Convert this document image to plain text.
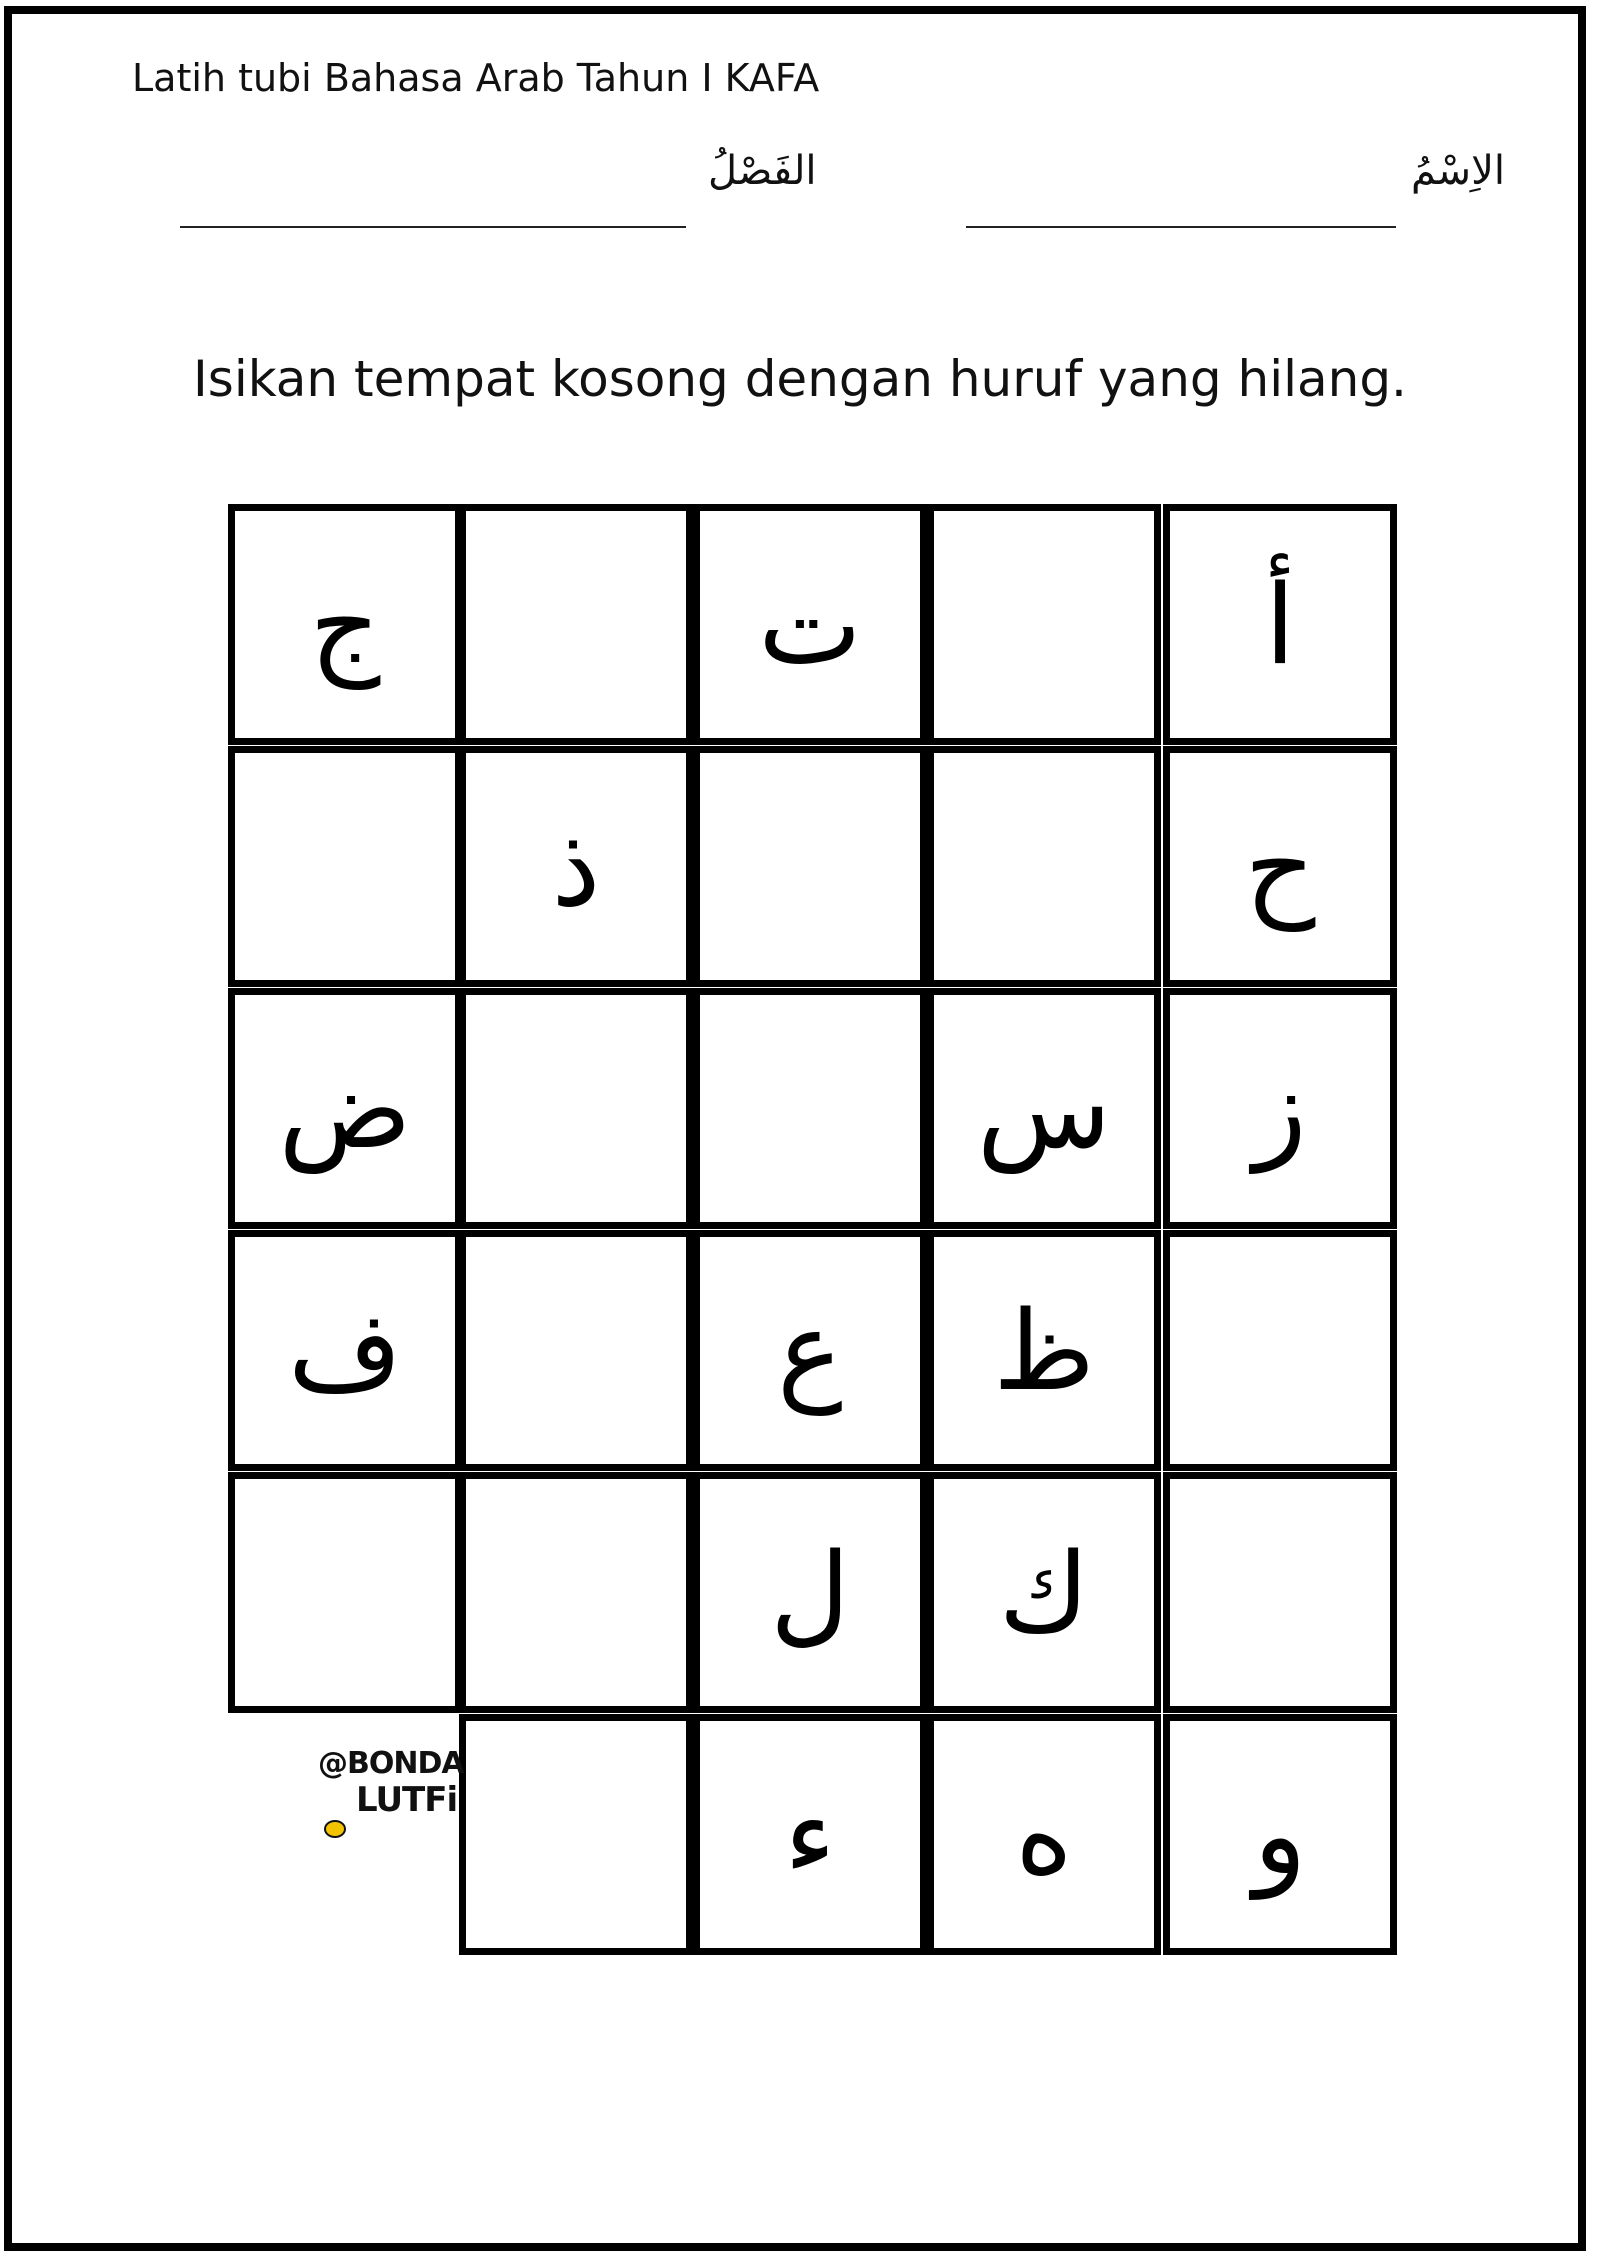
Latih tubi Bahasa Arab Tahun I KAFA
الاِسْمُ
الفَصْلُ
Isikan tempat kosong dengan huruf yang hilang.
أ
ت
ج
ح
ذ
ز
س
ض
ظ
ع
ف
ك
ل
و
ه
ء
@BONDA
LUTFi
